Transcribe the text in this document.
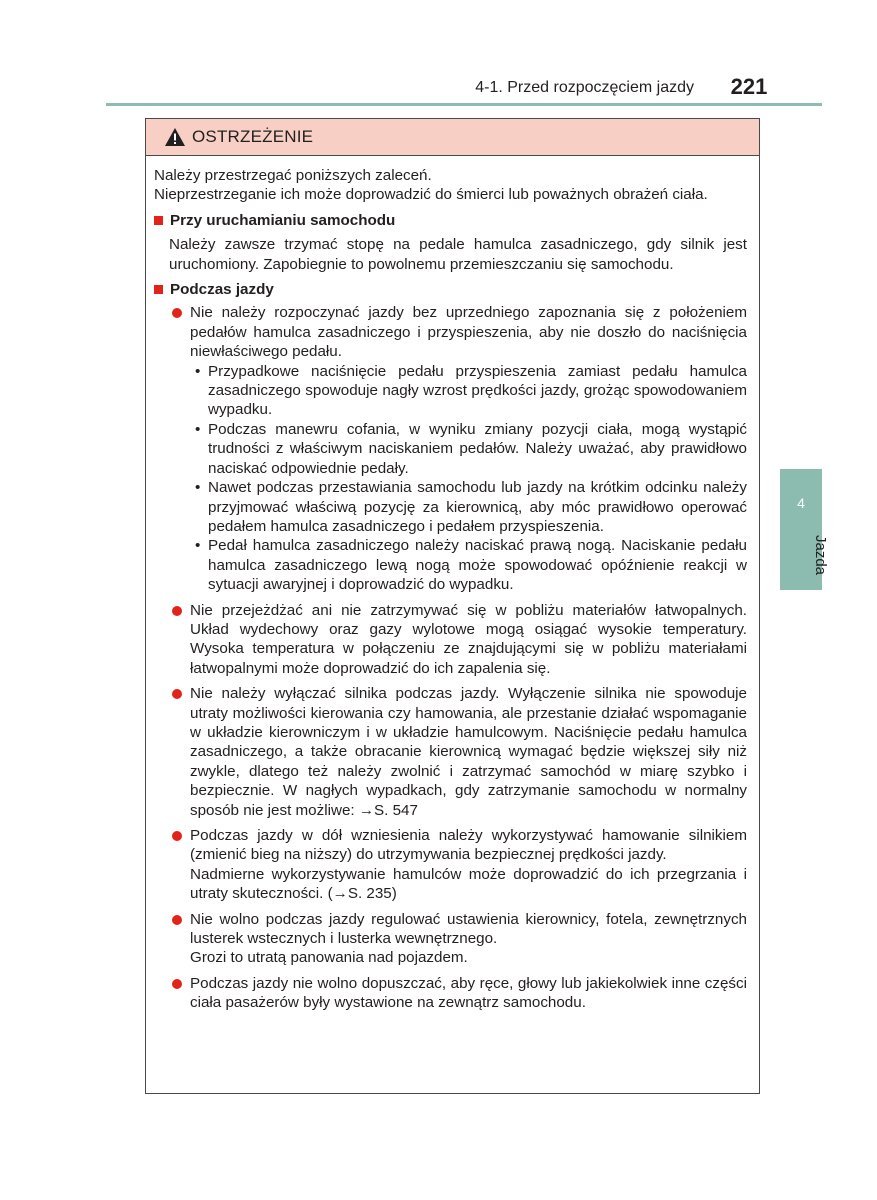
4-1. Przed rozpoczęciem jazdy 221
4
Jazda
OSTRZEŻENIE

Należy przestrzegać poniższych zaleceń.

Nieprzestrzeganie ich może doprowadzić do śmierci lub poważnych obrażeń ciała.

Przy uruchamianiu samochodu

Należy zawsze trzymać stopę na pedale hamulca zasadniczego, gdy silnik jest uruchomiony. Zapobiegnie to powolnemu przemieszczaniu się samochodu.

Podczas jazdy
Nie należy rozpoczynać jazdy bez uprzedniego zapoznania się z położeniem pedałów hamulca zasadniczego i przyspieszenia, aby nie doszło do naciśnięcia niewłaściwego pedału.
• Przypadkowe naciśnięcie pedału przyspieszenia zamiast pedału hamulca zasadniczego spowoduje nagły wzrost prędkości jazdy, grożąc spowodowaniem wypadku.
• Podczas manewru cofania, w wyniku zmiany pozycji ciała, mogą wystąpić trudności z właściwym naciskaniem pedałów. Należy uważać, aby prawidłowo naciskać odpowiednie pedały.
• Nawet podczas przestawiania samochodu lub jazdy na krótkim odcinku należy przyjmować właściwą pozycję za kierownicą, aby móc prawidłowo operować pedałem hamulca zasadniczego i pedałem przyspieszenia.
• Pedał hamulca zasadniczego należy naciskać prawą nogą. Naciskanie pedału hamulca zasadniczego lewą nogą może spowodować opóźnienie reakcji w sytuacji awaryjnej i doprowadzić do wypadku.
Nie przejeżdżać ani nie zatrzymywać się w pobliżu materiałów łatwopalnych. Układ wydechowy oraz gazy wylotowe mogą osiągać wysokie temperatury. Wysoka temperatura w połączeniu ze znajdującymi się w pobliżu materiałami łatwopalnymi może doprowadzić do ich zapalenia się.
Nie należy wyłączać silnika podczas jazdy. Wyłączenie silnika nie spowoduje utraty możliwości kierowania czy hamowania, ale przestanie działać wspomaganie w układzie kierowniczym i w układzie hamulcowym. Naciśnięcie pedału hamulca zasadniczego, a także obracanie kierownicą wymagać będzie większej siły niż zwykle, dlatego też należy zwolnić i zatrzymać samochód w miarę szybko i bezpiecznie. W nagłych wypadkach, gdy zatrzymanie samochodu w normalny sposób nie jest możliwe: →S. 547
Podczas jazdy w dół wzniesienia należy wykorzystywać hamowanie silnikiem (zmienić bieg na niższy) do utrzymywania bezpiecznej prędkości jazdy.

Nadmierne wykorzystywanie hamulców może doprowadzić do ich przegrzania i utraty skuteczności. (→S. 235)

Nie wolno podczas jazdy regulować ustawienia kierownicy, fotela, zewnętrznych lusterek wstecznych i lusterka wewnętrznego.

Grozi to utratą panowania nad pojazdem.

Podczas jazdy nie wolno dopuszczać, aby ręce, głowy lub jakiekolwiek inne części ciała pasażerów były wystawione na zewnątrz samochodu.
